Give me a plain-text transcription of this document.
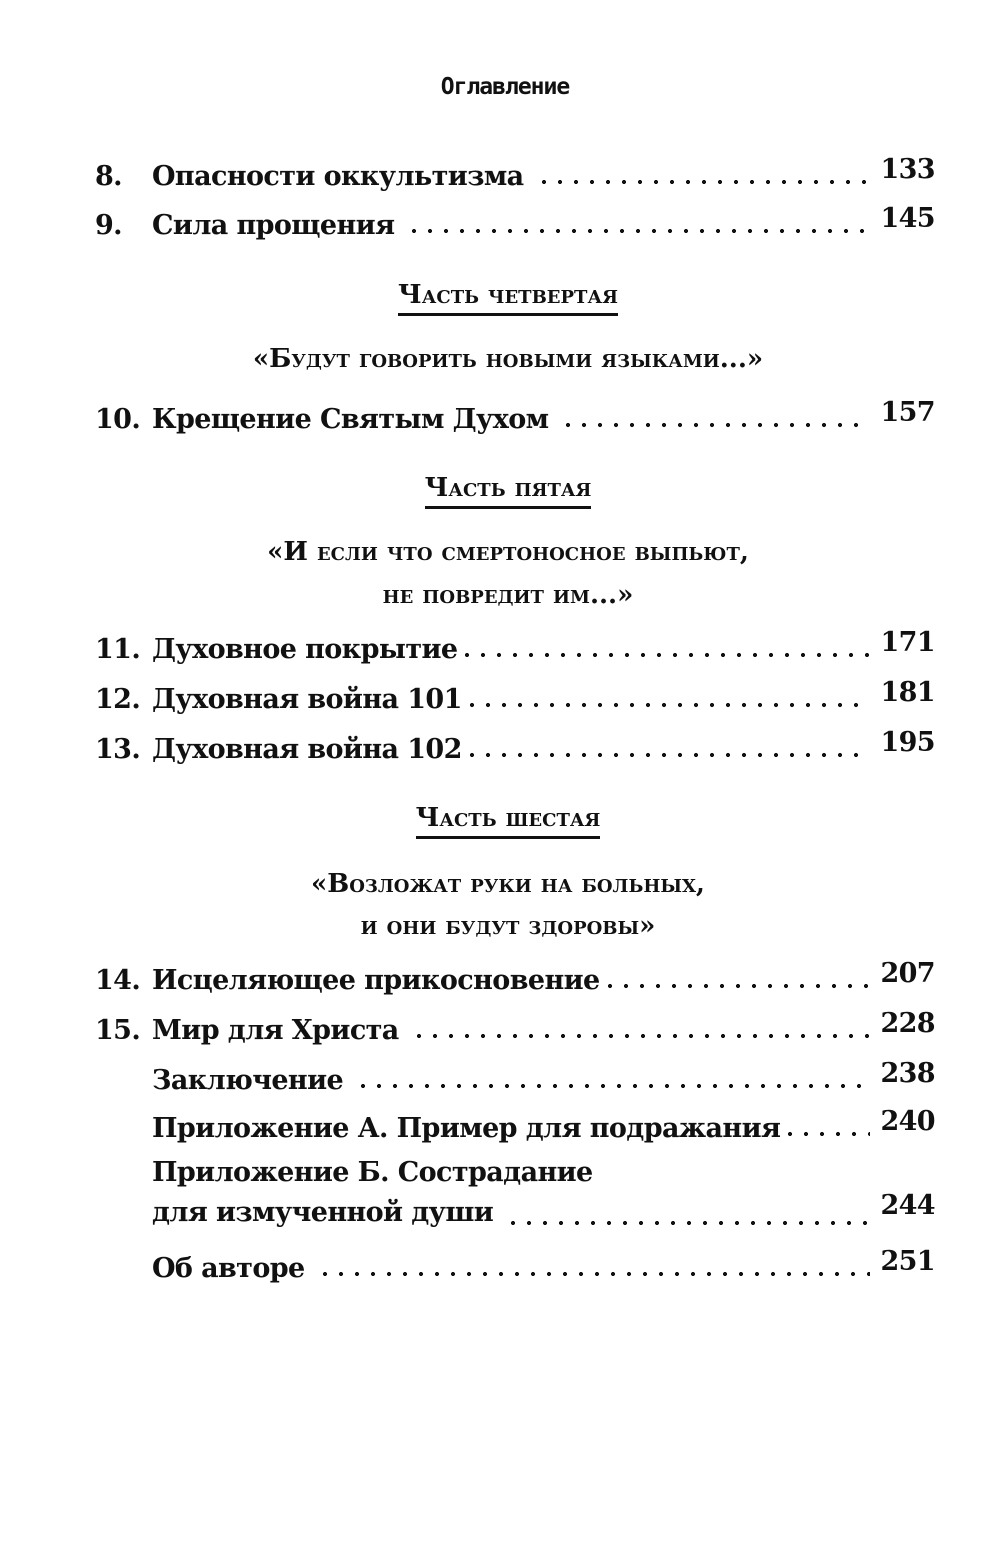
Оглавление
8.	Опасности оккультизма	133
9.	Сила прощения	145
Часть четвертая
«Будут говорить новыми языками...»
10. Крещение Святым Духом	157
Часть пятая
«И если что смертоносное выпьют,
не повредит им...»
11. Духовное покрытие	171
12. Духовная война 101	181
13. Духовная война 102	195
Часть шестая
«Возложат руки на больных,
и они будут здоровы»
14. Исцеляющее прикосновение	207
15. Мир для Христа	228
Заключение	238
Приложение А. Пример для подражания	240
Приложение Б. Сострадание
для измученной души	244
Об авторе	251
